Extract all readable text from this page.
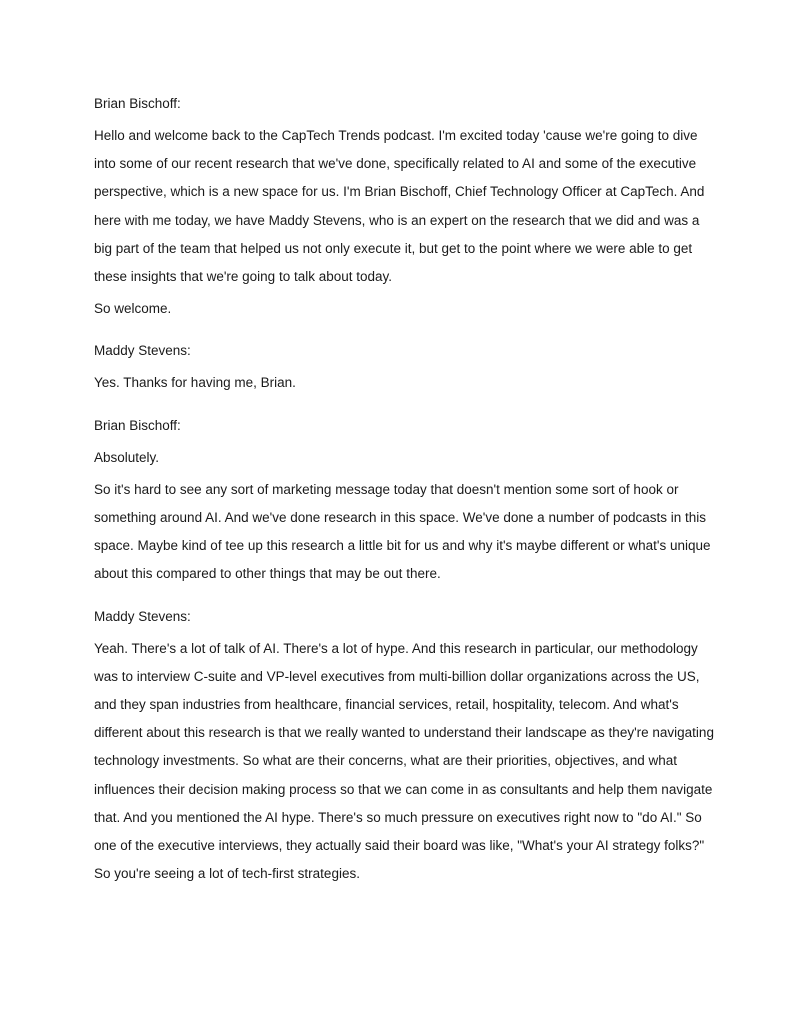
Brian Bischoff:

Hello and welcome back to the CapTech Trends podcast. I'm excited today 'cause we're going to dive into some of our recent research that we've done, specifically related to AI and some of the executive perspective, which is a new space for us. I'm Brian Bischoff, Chief Technology Officer at CapTech. And here with me today, we have Maddy Stevens, who is an expert on the research that we did and was a big part of the team that helped us not only execute it, but get to the point where we were able to get these insights that we're going to talk about today.

So welcome.

Maddy Stevens:

Yes. Thanks for having me, Brian.

Brian Bischoff:

Absolutely.

So it's hard to see any sort of marketing message today that doesn't mention some sort of hook or something around AI. And we've done research in this space. We've done a number of podcasts in this space. Maybe kind of tee up this research a little bit for us and why it's maybe different or what's unique about this compared to other things that may be out there.

Maddy Stevens:

Yeah. There's a lot of talk of AI. There's a lot of hype. And this research in particular, our methodology was to interview C-suite and VP-level executives from multi-billion dollar organizations across the US, and they span industries from healthcare, financial services, retail, hospitality, telecom. And what's different about this research is that we really wanted to understand their landscape as they're navigating technology investments. So what are their concerns, what are their priorities, objectives, and what influences their decision making process so that we can come in as consultants and help them navigate that. And you mentioned the AI hype. There's so much pressure on executives right now to "do AI." So one of the executive interviews, they actually said their board was like, "What's your AI strategy folks?" So you're seeing a lot of tech-first strategies.
